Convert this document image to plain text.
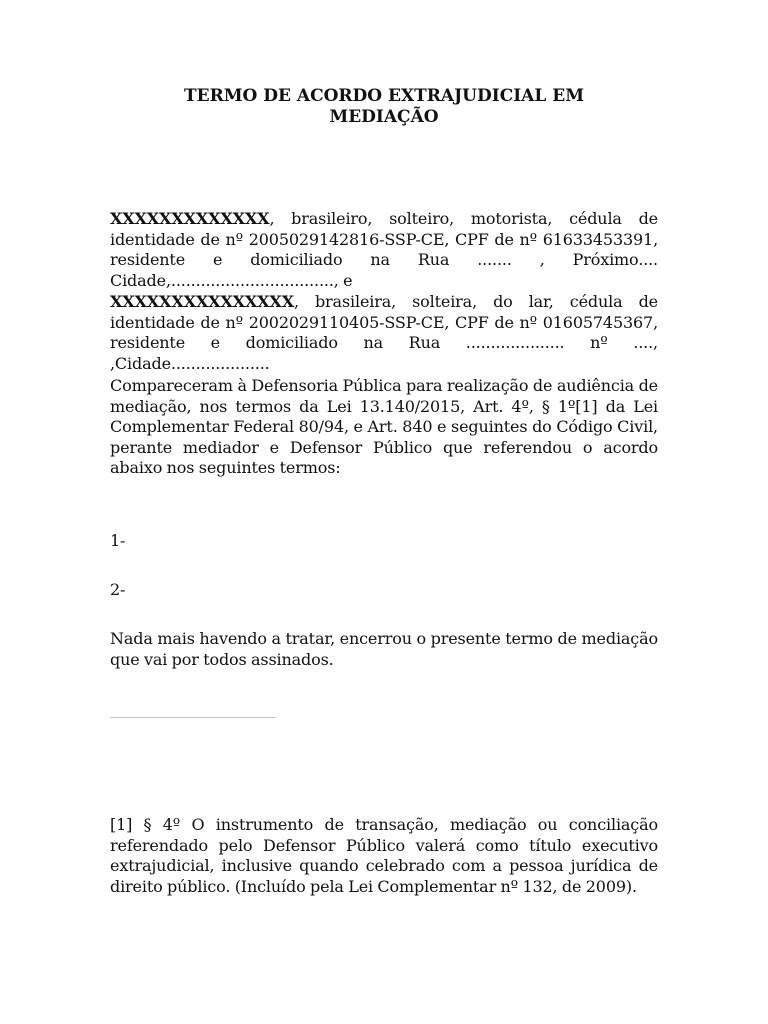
TERMO DE ACORDO EXTRAJUDICIAL EM
MEDIAÇÃO

XXXXXXXXXXXXX, brasileiro, solteiro, motorista, cédula de identidade de nº 2005029142816-SSP-CE, CPF de nº 61633453391, residente e domiciliado na Rua ....... , Próximo.... Cidade,................................., e

XXXXXXXXXXXXXXX, brasileira, solteira, do lar, cédula de identidade de nº 2002029110405-SSP-CE, CPF de nº 01605745367, residente e domiciliado na Rua .................... nº ...., ,Cidade....................

Compareceram à Defensoria Pública para realização de audiência de mediação, nos termos da Lei 13.140/2015, Art. 4º, § 1º[1] da Lei Complementar Federal 80/94, e Art. 840 e seguintes do Código Civil, perante mediador e Defensor Público que referendou o acordo abaixo nos seguintes termos:

1-

2-

Nada mais havendo a tratar, encerrou o presente termo de mediação que vai por todos assinados.

[1] § 4º O instrumento de transação, mediação ou conciliação referendado pelo Defensor Público valerá como título executivo extrajudicial, inclusive quando celebrado com a pessoa jurídica de direito público. (Incluído pela Lei Complementar nº 132, de 2009).
